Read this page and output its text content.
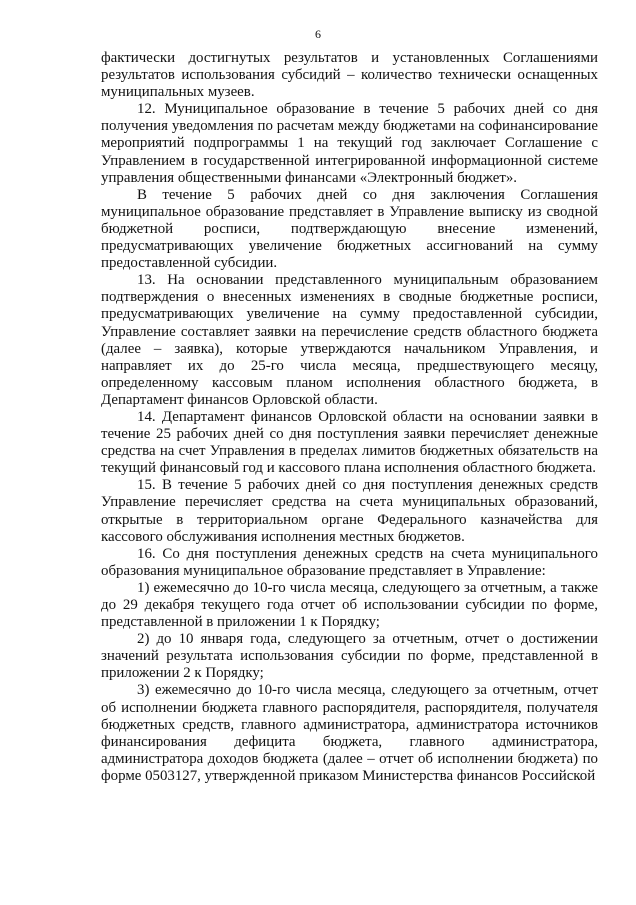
6

фактически достигнутых результатов и установленных Соглашениями результатов использования субсидий – количество технически оснащенных муниципальных музеев.

12. Муниципальное образование в течение 5 рабочих дней со дня получения уведомления по расчетам между бюджетами на софинансирование мероприятий подпрограммы 1 на текущий год заключает Соглашение с Управлением в государственной интегрированной информационной системе управления общественными финансами «Электронный бюджет».

В течение 5 рабочих дней со дня заключения Соглашения муниципальное образование представляет в Управление выписку из сводной бюджетной росписи, подтверждающую внесение изменений, предусматривающих увеличение бюджетных ассигнований на сумму предоставленной субсидии.

13. На основании представленного муниципальным образованием подтверждения о внесенных изменениях в сводные бюджетные росписи, предусматривающих увеличение на сумму предоставленной субсидии, Управление составляет заявки на перечисление средств областного бюджета (далее – заявка), которые утверждаются начальником Управления, и направляет их до 25-го числа месяца, предшествующего месяцу, определенному кассовым планом исполнения областного бюджета, в Департамент финансов Орловской области.

14. Департамент финансов Орловской области на основании заявки в течение 25 рабочих дней со дня поступления заявки перечисляет денежные средства на счет Управления в пределах лимитов бюджетных обязательств на текущий финансовый год и кассового плана исполнения областного бюджета.

15. В течение 5 рабочих дней со дня поступления денежных средств Управление перечисляет средства на счета муниципальных образований, открытые в территориальном органе Федерального казначейства для кассового обслуживания исполнения местных бюджетов.

16. Со дня поступления денежных средств на счета муниципального образования муниципальное образование представляет в Управление:

1) ежемесячно до 10-го числа месяца, следующего за отчетным, а также до 29 декабря текущего года отчет об использовании субсидии по форме, представленной в приложении 1 к Порядку;

2) до 10 января года, следующего за отчетным, отчет о достижении значений результата использования субсидии по форме, представленной в приложении 2 к Порядку;

3) ежемесячно до 10-го числа месяца, следующего за отчетным, отчет об исполнении бюджета главного распорядителя, распорядителя, получателя бюджетных средств, главного администратора, администратора источников финансирования дефицита бюджета, главного администратора, администратора доходов бюджета (далее – отчет об исполнении бюджета) по форме 0503127, утвержденной приказом Министерства финансов Российской
